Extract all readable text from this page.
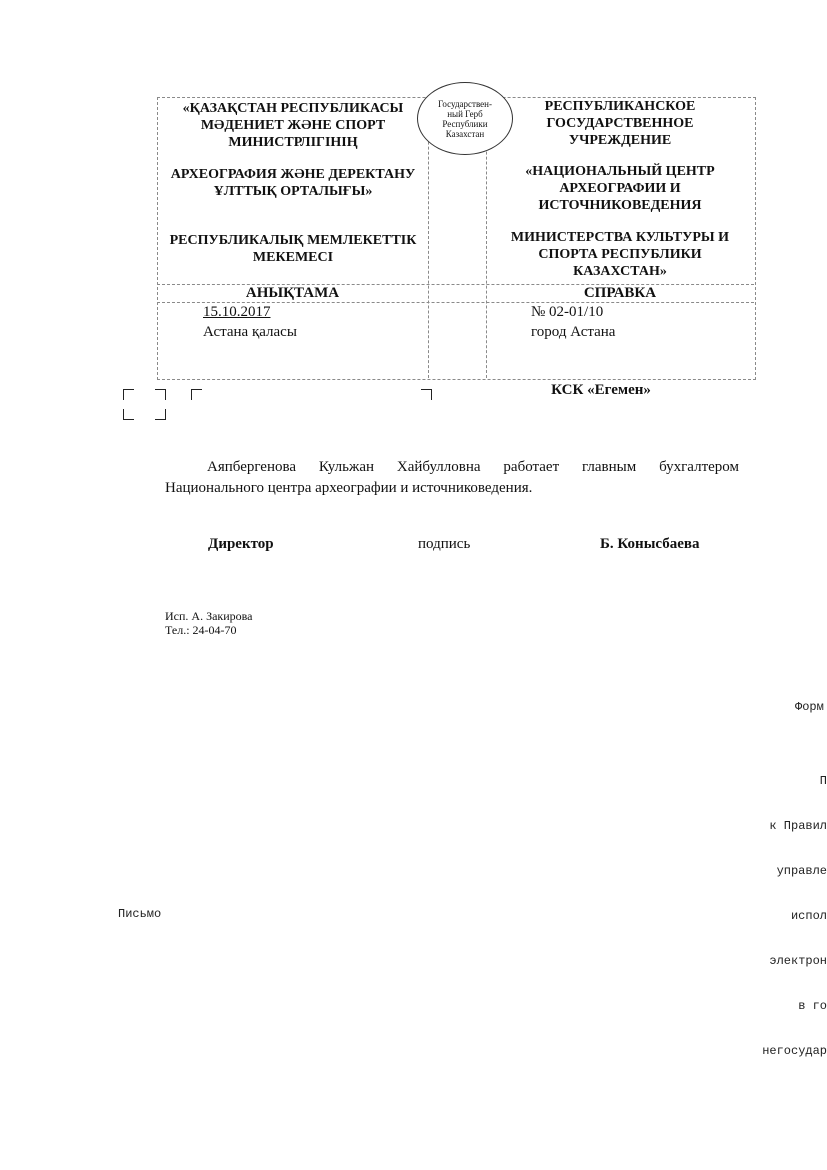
Государствен-
ный Герб
Республики
Казахстан
«ҚАЗАҚСТАН РЕСПУБЛИКАСЫ
МӘДЕНИЕТ ЖӘНЕ СПОРТ
МИНИСТРЛІГІНІҢ
АРХЕОГРАФИЯ ЖӘНЕ ДЕРЕКТАНУ
ҰЛТТЫҚ ОРТАЛЫҒЫ»
РЕСПУБЛИКАЛЫҚ МЕМЛЕКЕТТІК
МЕКЕМЕСІ
РЕСПУБЛИКАНСКОЕ
ГОСУДАРСТВЕННОЕ
УЧРЕЖДЕНИЕ
«НАЦИОНАЛЬНЫЙ ЦЕНТР
АРХЕОГРАФИИ И
ИСТОЧНИКОВЕДЕНИЯ
МИНИСТЕРСТВА КУЛЬТУРЫ И
СПОРТА РЕСПУБЛИКИ
КАЗАХСТАН»
АНЫҚТАМА	СПРАВКА
15.10.2017
Астана қаласы
№ 02-01/10
город Астана
КСК «Егемен»
Аяпбергенова Кульжан Хайбулловна работает главным бухгалтером Национального центра археографии и источниковедения.
Директор	подпись	Б. Конысбаева
Исп. А. Закирова
Тел.: 24-04-70
Форм

П

к Правил

управле

испол

электрон

в го

негосудар

Письмо
